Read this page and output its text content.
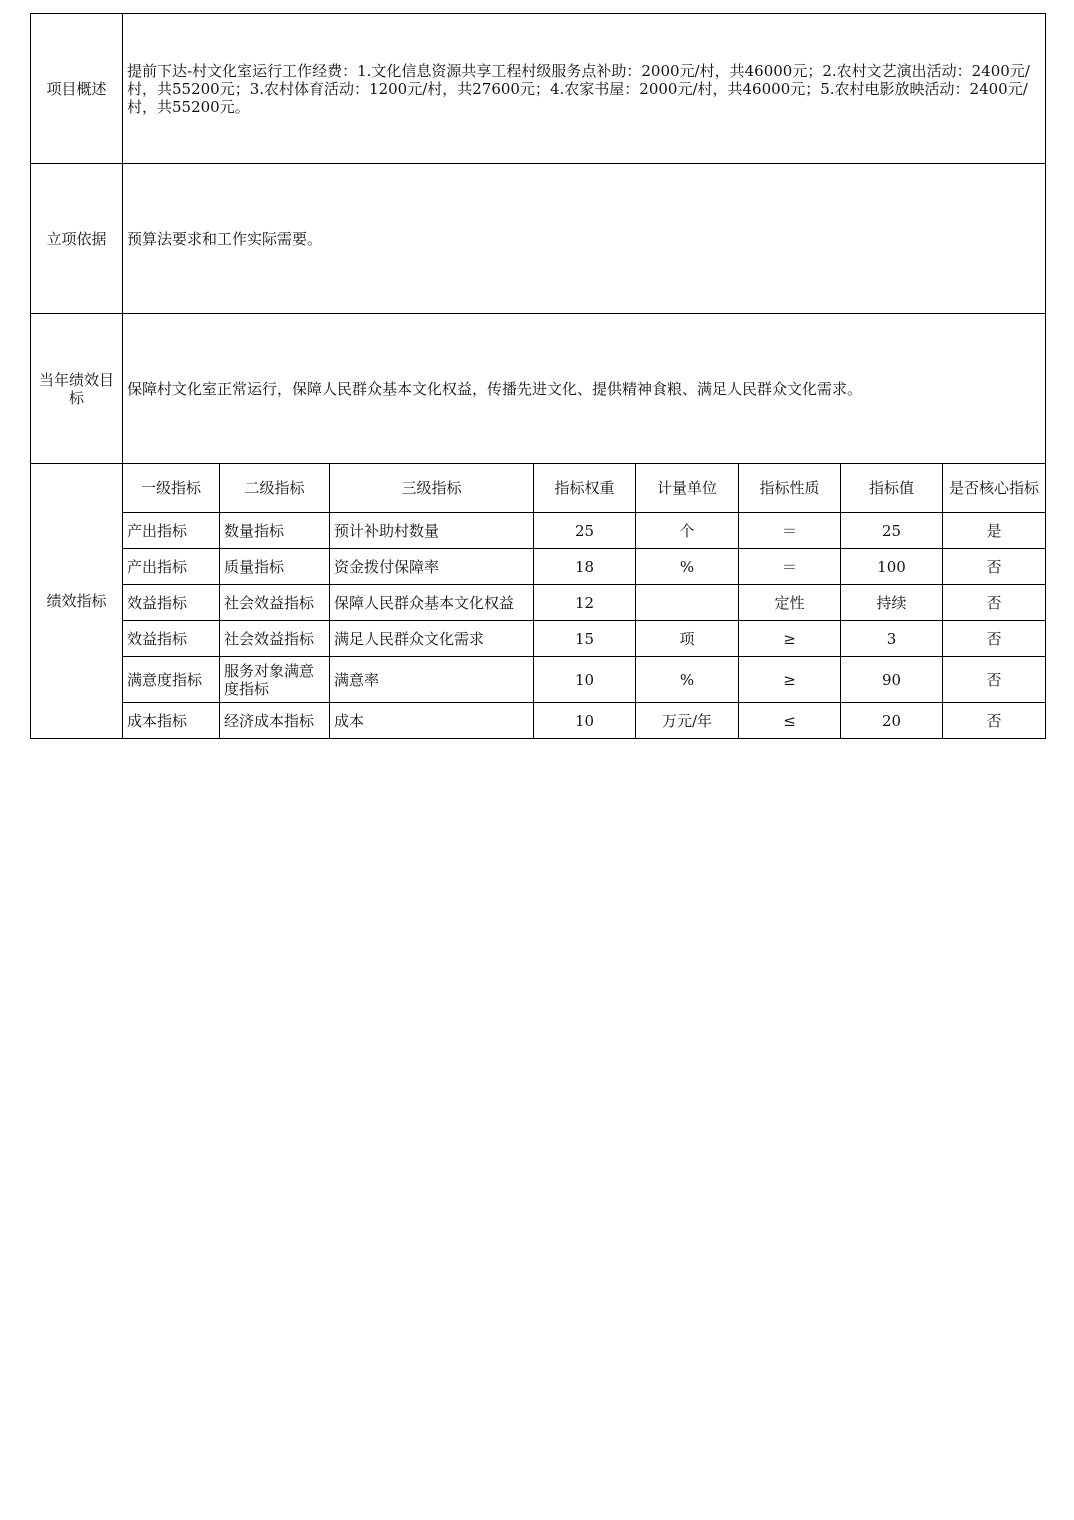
项目概述	提前下达-村文化室运行工作经费：1.文化信息资源共享工程村级服务点补助：2000元/村，共46000元；2.农村文艺演出活动：2400元/村，共55200元；3.农村体育活动：1200元/村，共27600元；4.农家书屋：2000元/村，共46000元；5.农村电影放映活动：2400元/村，共55200元。							
立项依据	预算法要求和工作实际需要。							
当年绩效目标	保障村文化室正常运行，保障人民群众基本文化权益，传播先进文化、提供精神食粮、满足人民群众文化需求。							
绩效指标	一级指标	二级指标	三级指标	指标权重	计量单位	指标性质	指标值	是否核心指标
	产出指标	数量指标	预计补助村数量	25	个	＝	25	是
	产出指标	质量指标	资金拨付保障率	18	%	＝	100	否
	效益指标	社会效益指标	保障人民群众基本文化权益	12		定性	持续	否
	效益指标	社会效益指标	满足人民群众文化需求	15	项	≥	3	否
	满意度指标	服务对象满意度指标	满意率	10	%	≥	90	否
	成本指标	经济成本指标	成本	10	万元/年	≤	20	否
